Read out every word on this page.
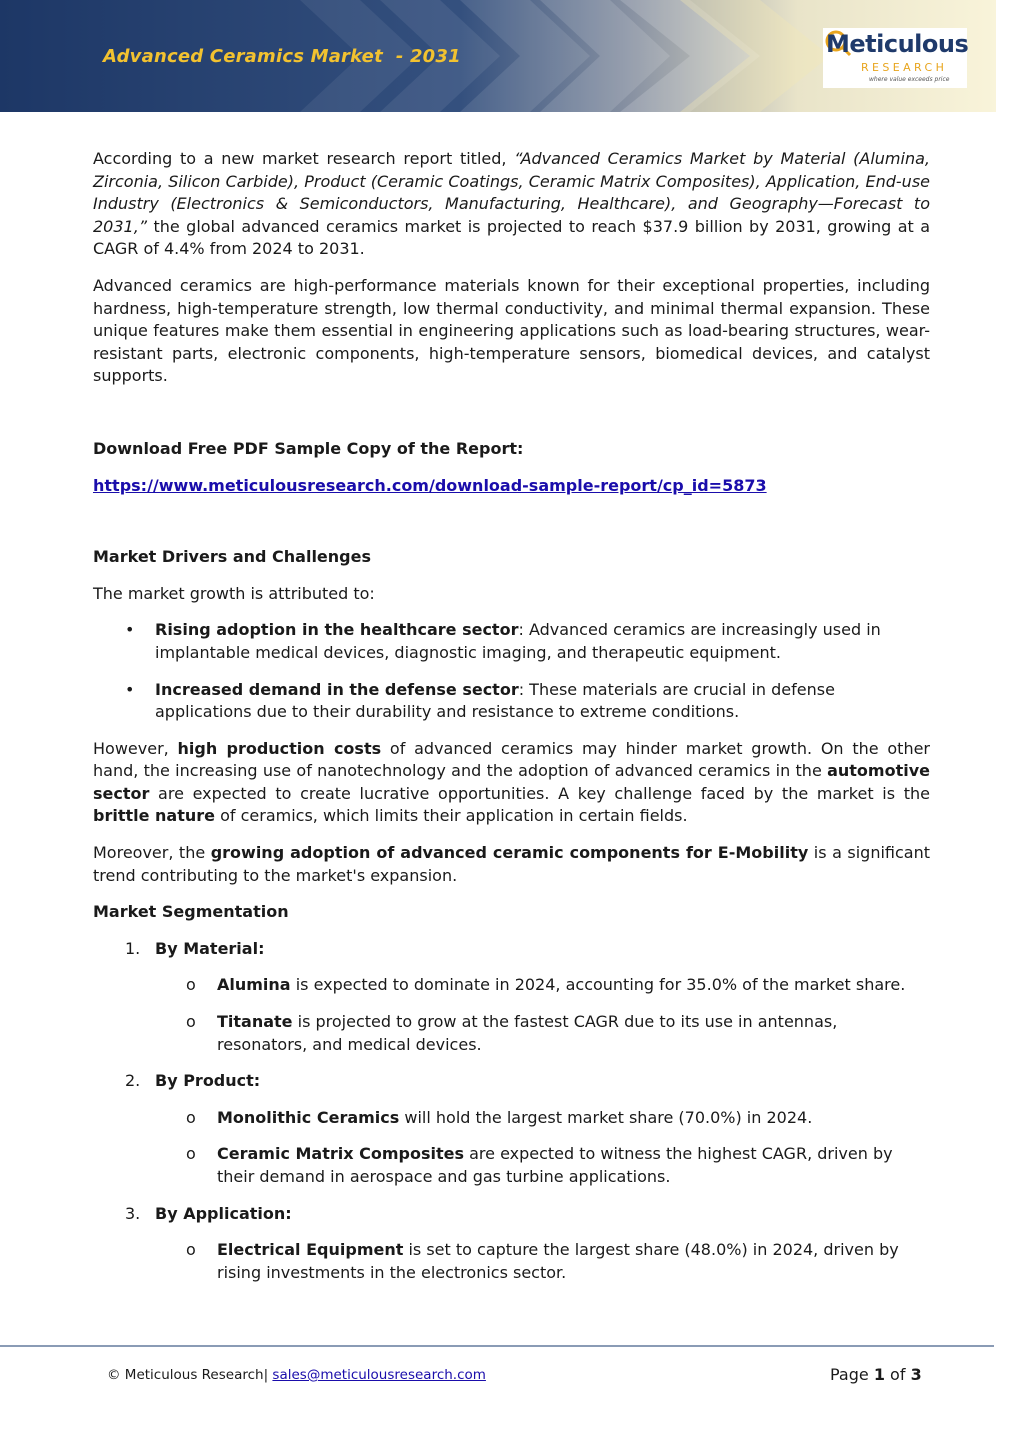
Advanced Ceramics Market  - 2031	Meticulous
RESEARCH
where value exceeds price

According to a new market research report titled, “Advanced Ceramics Market by Material (Alumina, Zirconia, Silicon Carbide), Product (Ceramic Coatings, Ceramic Matrix Composites), Application, End-use Industry (Electronics & Semiconductors, Manufacturing, Healthcare), and Geography—Forecast to 2031,” the global advanced ceramics market is projected to reach $37.9 billion by 2031, growing at a CAGR of 4.4% from 2024 to 2031.

Advanced ceramics are high-performance materials known for their exceptional properties, including hardness, high-temperature strength, low thermal conductivity, and minimal thermal expansion. These unique features make them essential in engineering applications such as load-bearing structures, wear-resistant parts, electronic components, high-temperature sensors, biomedical devices, and catalyst supports.

Download Free PDF Sample Copy of the Report:

https://www.meticulousresearch.com/download-sample-report/cp_id=5873

Market Drivers and Challenges

The market growth is attributed to:

• Rising adoption in the healthcare sector: Advanced ceramics are increasingly used in implantable medical devices, diagnostic imaging, and therapeutic equipment.
• Increased demand in the defense sector: These materials are crucial in defense applications due to their durability and resistance to extreme conditions.

However, high production costs of advanced ceramics may hinder market growth. On the other hand, the increasing use of nanotechnology and the adoption of advanced ceramics in the automotive sector are expected to create lucrative opportunities. A key challenge faced by the market is the brittle nature of ceramics, which limits their application in certain fields.

Moreover, the growing adoption of advanced ceramic components for E-Mobility is a significant trend contributing to the market's expansion.

Market Segmentation

1. By Material:
o Alumina is expected to dominate in 2024, accounting for 35.0% of the market share.
o Titanate is projected to grow at the fastest CAGR due to its use in antennas, resonators, and medical devices.
2. By Product:
o Monolithic Ceramics will hold the largest market share (70.0%) in 2024.
o Ceramic Matrix Composites are expected to witness the highest CAGR, driven by their demand in aerospace and gas turbine applications.
3. By Application:
o Electrical Equipment is set to capture the largest share (48.0%) in 2024, driven by rising investments in the electronics sector.
© Meticulous Research| sales@meticulousresearch.com	Page 1 of 3
